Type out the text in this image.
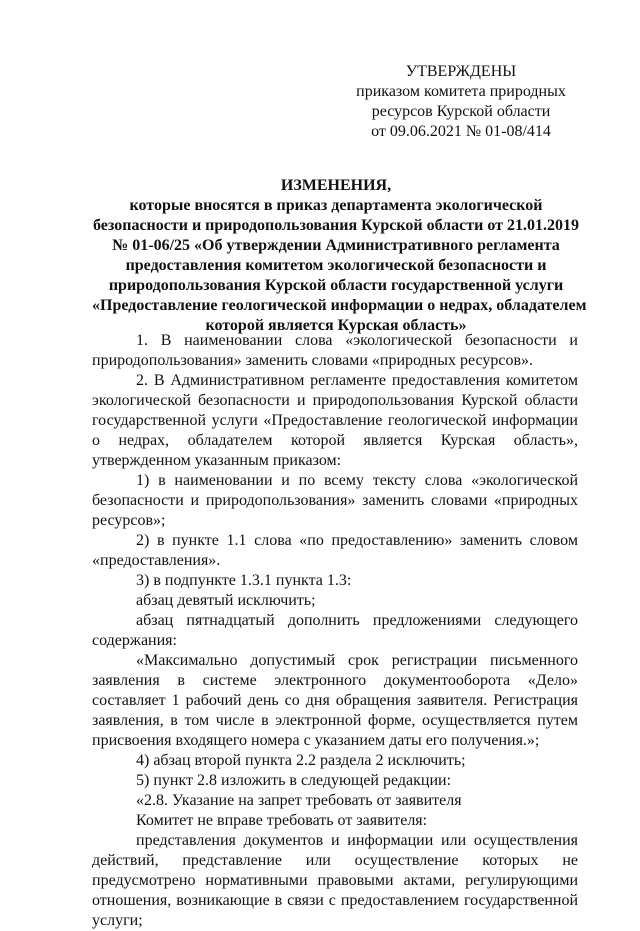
УТВЕРЖДЕНЫ
приказом комитета природных
ресурсов Курской области
от 09.06.2021 № 01-08/414
ИЗМЕНЕНИЯ,
которые вносятся в приказ департамента экологической
безопасности и природопользования Курской области от 21.01.2019
№ 01-06/25 «Об утверждении Административного регламента
предоставления комитетом экологической безопасности и
природопользования Курской области государственной услуги
«Предоставление геологической информации о недрах, обладателем
которой является Курская область»

1. В наименовании слова «экологической безопасности и природопользования» заменить словами «природных ресурсов».

2. В Административном регламенте предоставления комитетом экологической безопасности и природопользования Курской области государственной услуги «Предоставление геологической информации о недрах, обладателем которой является Курская область», утвержденном указанным приказом:

1) в наименовании и по всему тексту слова «экологической безопасности и природопользования» заменить словами «природных ресурсов»;

2) в пункте 1.1 слова «по предоставлению» заменить словом «предоставления».

3) в подпункте 1.3.1 пункта 1.3:

абзац девятый исключить;

абзац пятнадцатый дополнить предложениями следующего содержания:

«Максимально допустимый срок регистрации письменного заявления в системе электронного документооборота «Дело» составляет 1 рабочий день со дня обращения заявителя. Регистрация заявления, в том числе в электронной форме, осуществляется путем присвоения входящего номера с указанием даты его получения.»;

4) абзац второй пункта 2.2 раздела 2 исключить;

5) пункт 2.8 изложить в следующей редакции:

«2.8. Указание на запрет требовать от заявителя

Комитет не вправе требовать от заявителя:

представления документов и информации или осуществления действий, представление или осуществление которых не предусмотрено нормативными правовыми актами, регулирующими отношения, возникающие в связи с предоставлением государственной услуги;
